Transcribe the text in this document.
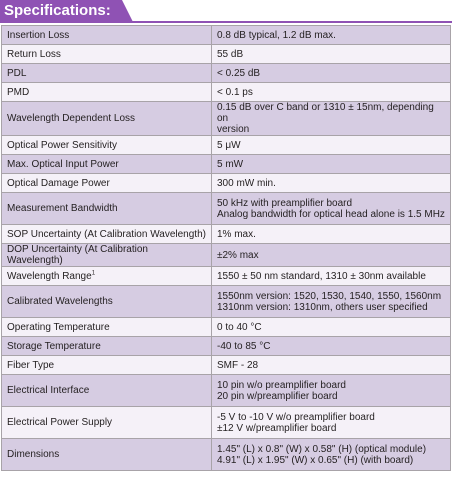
Specifications:
Insertion Loss	0.8 dB typical, 1.2 dB max.

Return Loss	55 dB

PDL	< 0.25 dB

PMD	< 0.1 ps

Wavelength Dependent Loss	0.15 dB over C band or 1310 ± 15nm, depending on
version

Optical Power Sensitivity	5 μW

Max. Optical Input Power	5 mW

Optical Damage Power	300 mW min.

Measurement Bandwidth	50 kHz with preamplifier board
Analog bandwidth for optical head alone is 1.5 MHz

SOP Uncertainty (At Calibration Wavelength)	1% max.

DOP Uncertainty (At Calibration Wavelength)	±2% max

Wavelength Range$^1$	1550 ± 50 nm standard, 1310 ± 30nm available

Calibrated Wavelengths	1550nm version: 1520, 1530, 1540, 1550, 1560nm
1310nm version: 1310nm, others user specified

Operating Temperature	0 to 40 °C

Storage Temperature	-40 to 85 °C

Fiber Type	SMF - 28

Electrical Interface	10 pin w/o preamplifier board
20 pin w/preamplifier board

Electrical Power Supply	-5 V to -10 V w/o preamplifier board
±12 V w/preamplifier board

Dimensions	1.45" (L) x 0.8" (W) x 0.58" (H) (optical module)
4.91" (L) x 1.95" (W) x 0.65" (H) (with board)
